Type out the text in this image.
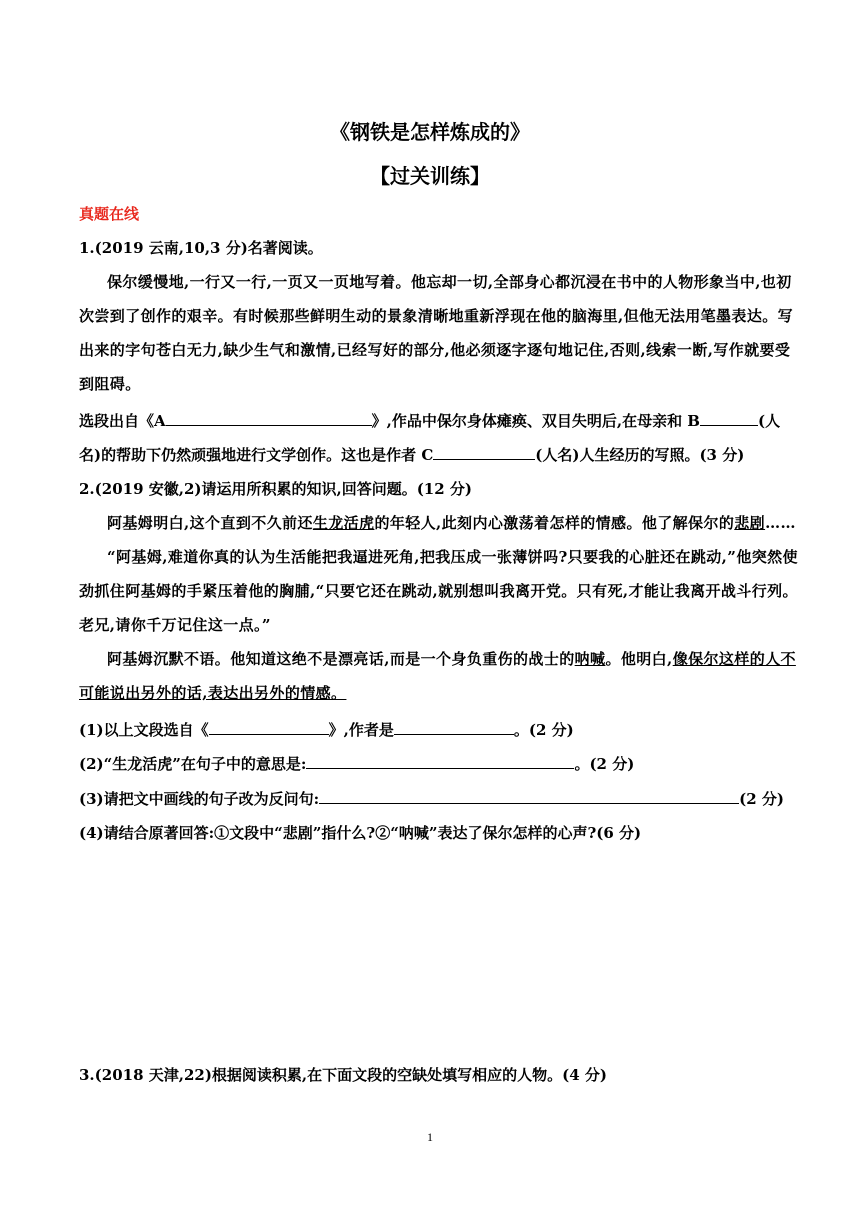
《钢铁是怎样炼成的》
【过关训练】
真题在线
1.(2019 云南,10,3 分)名著阅读。
保尔缓慢地,一行又一行,一页又一页地写着。他忘却一切,全部身心都沉浸在书中的人物形象当中,也初
次尝到了创作的艰辛。有时候那些鲜明生动的景象清晰地重新浮现在他的脑海里,但他无法用笔墨表达。写
出来的字句苍白无力,缺少生气和激情,已经写好的部分,他必须逐字逐句地记住,否则,线索一断,写作就要受
到阻碍。
选段出自《A	》,作品中保尔身体瘫痪、双目失明后,在母亲和 B	(人
名)的帮助下仍然顽强地进行文学创作。这也是作者 C	(人名)人生经历的写照。(3 分)
2.(2019 安徽,2)请运用所积累的知识,回答问题。(12 分)
阿基姆明白,这个直到不久前还生龙活虎的年轻人,此刻内心激荡着怎样的情感。他了解保尔的悲剧……
“阿基姆,难道你真的认为生活能把我逼进死角,把我压成一张薄饼吗?只要我的心脏还在跳动,”他突然使
劲抓住阿基姆的手紧压着他的胸脯,“只要它还在跳动,就别想叫我离开党。只有死,才能让我离开战斗行列。
老兄,请你千万记住这一点。”
阿基姆沉默不语。他知道这绝不是漂亮话,而是一个身负重伤的战士的呐喊。他明白,像保尔这样的人不
可能说出另外的话,表达出另外的情感。
(1)以上文段选自《	》,作者是	。(2 分)
(2)“生龙活虎”在句子中的意思是:	。(2 分)
(3)请把文中画线的句子改为反问句:	(2 分)
(4)请结合原著回答:①文段中“悲剧”指什么?②“呐喊”表达了保尔怎样的心声?(6 分)
3.(2018 天津,22)根据阅读积累,在下面文段的空缺处填写相应的人物。(4 分)
1
